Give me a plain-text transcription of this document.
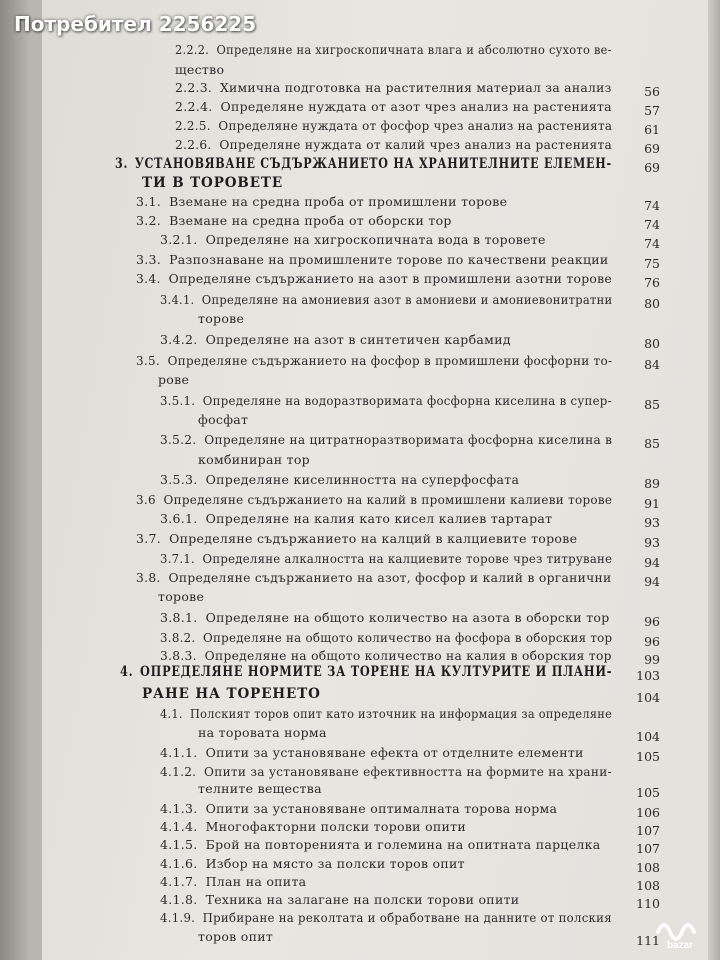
Потребител 2256225
2.2.2. Определяне на хигроскопичната влага и абсолютно сухото ве-
щество
2.2.3. Химична подготовка на растителния материал за анализ	56
2.2.4. Определяне нуждата от азот чрез анализ на растенията	57
2.2.5. Определяне нуждата от фосфор чрез анализ на растенията	61
2.2.6. Определяне нуждата от калий чрез анализ на растенията	69
3. УСТАНОВЯВАНЕ СЪДЪРЖАНИЕТО НА ХРАНИТЕЛНИТЕ ЕЛЕМЕН-	69
ТИ В ТОРОВЕТЕ
3.1. Вземане на средна проба от промишлени торове	74
3.2. Вземане на средна проба от оборски тор	74
3.2.1. Определяне на хигроскопичната вода в торовете	74
3.3. Разпознаване на промишлените торове по качествени реакции	75
3.4. Определяне съдържанието на азот в промишлени азотни торове	76
3.4.1. Определяне на амониевия азот в амониеви и амониевонитратни	80
торове
3.4.2. Определяне на азот в синтетичен карбамид	80
3.5. Определяне съдържанието на фосфор в промишлени фосфорни то-	84
рове
3.5.1. Определяне на водоразтворимата фосфорна киселина в супер-	85
фосфат
3.5.2. Определяне на цитратноразтворимата фосфорна киселина в	85
комбиниран тор
3.5.3. Определяне киселинността на суперфосфата	89
3.6 Определяне съдържанието на калий в промишлени калиеви торове	91
3.6.1. Определяне на калия като кисел калиев тартарат	93
3.7. Определяне съдържанието на калций в калциевите торове	93
3.7.1. Определяне алкалността на калциевите торове чрез титруване	94
3.8. Определяне съдържанието на азот, фосфор и калий в органични	94
торове
3.8.1. Определяне на общото количество на азота в оборски тор	96
3.8.2. Определяне на общото количество на фосфора в оборския тор	96
3.8.3. Определяне на общото количество на калия в оборския тор	99
4. ОПРЕДЕЛЯНЕ НОРМИТЕ ЗА ТОРЕНЕ НА КУЛТУРИТЕ И ПЛАНИ-	103
РАНЕ НА ТОРЕНЕТО	104
4.1. Полският торов опит като източник на информация за определяне
на торовата норма	104
4.1.1. Опити за установяване ефекта от отделните елементи	105
4.1.2. Опити за установяване ефективността на формите на храни-
телните вещества	105
4.1.3. Опити за установяване оптималната торова норма	106
4.1.4. Многофакторни полски торови опити	107
4.1.5. Брой на повторенията и големина на опитната парцелка	107
4.1.6. Избор на място за полски торов опит	108
4.1.7. План на опита	108
4.1.8. Техника на залагане на полски торови опити	110
4.1.9. Прибиране на реколтата и обработване на данните от полския
торов опит	111 bazar
